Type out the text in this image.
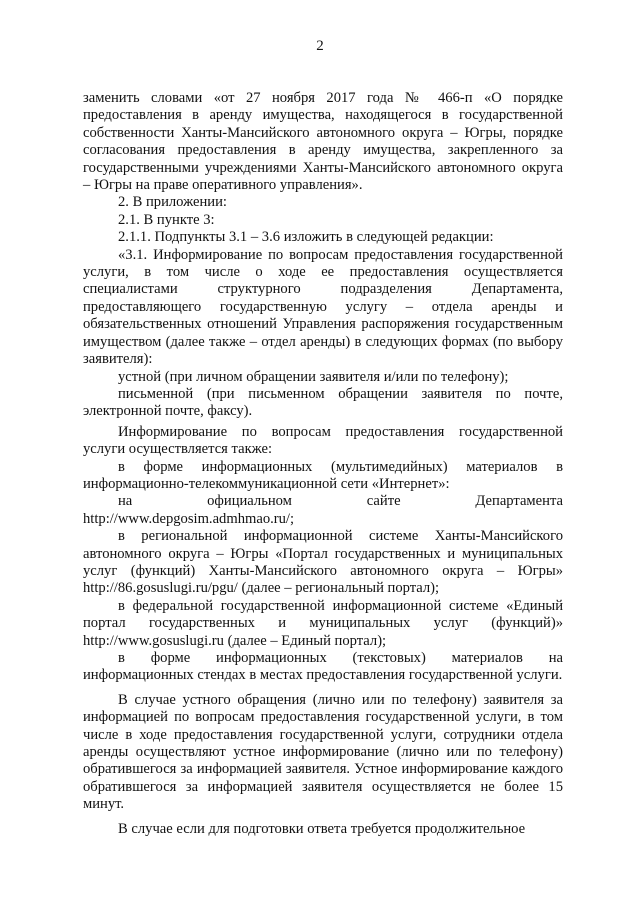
2

заменить словами «от 27 ноября 2017 года № 466-п «О порядке предоставления в аренду имущества, находящегося в государственной собственности Ханты-Мансийского автономного округа – Югры, порядке согласования предоставления в аренду имущества, закрепленного за государственными учреждениями Ханты-Мансийского автономного округа – Югры на праве оперативного управления».

2. В приложении:

2.1. В пункте 3:

2.1.1. Подпункты 3.1 – 3.6 изложить в следующей редакции:

«3.1. Информирование по вопросам предоставления государственной услуги, в том числе о ходе ее предоставления осуществляется специалистами структурного подразделения Департамента, предоставляющего государственную услугу – отдела аренды и обязательственных отношений Управления распоряжения государственным имуществом (далее также – отдел аренды) в следующих формах (по выбору заявителя):

устной (при личном обращении заявителя и/или по телефону);

письменной (при письменном обращении заявителя по почте, электронной почте, факсу).

Информирование по вопросам предоставления государственной услуги осуществляется также:

в форме информационных (мультимедийных) материалов в информационно-телекоммуникационной сети «Интернет»:

на официальном сайте Департамента http://www.depgosim.admhmao.ru/;

в региональной информационной системе Ханты-Мансийского автономного округа – Югры «Портал государственных и муниципальных услуг (функций) Ханты-Мансийского автономного округа – Югры» http://86.gosuslugi.ru/pgu/ (далее – региональный портал);

в федеральной государственной информационной системе «Единый портал государственных и муниципальных услуг (функций)» http://www.gosuslugi.ru (далее – Единый портал);

в форме информационных (текстовых) материалов на информационных стендах в местах предоставления государственной услуги.

В случае устного обращения (лично или по телефону) заявителя за информацией по вопросам предоставления государственной услуги, в том числе в ходе предоставления государственной услуги, сотрудники отдела аренды осуществляют устное информирование (лично или по телефону) обратившегося за информацией заявителя. Устное информирование каждого обратившегося за информацией заявителя осуществляется не более 15 минут.

В случае если для подготовки ответа требуется продолжительное
